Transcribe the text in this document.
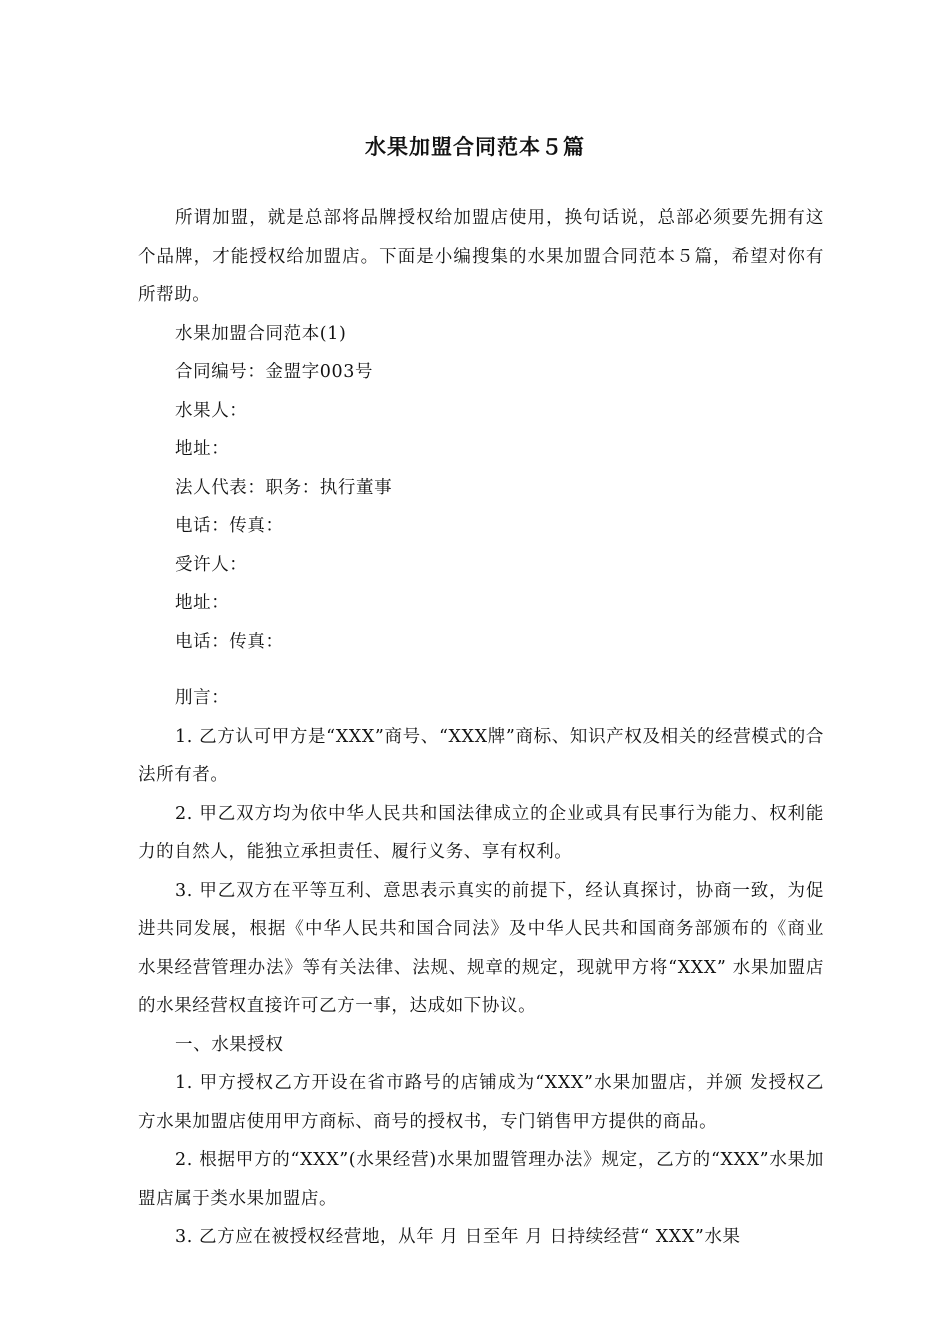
水果加盟合同范本５篇

所谓加盟，就是总部将品牌授权给加盟店使用，换句话说，总部必须要先拥有这个品牌，才能授权给加盟店。下面是小编搜集的水果加盟合同范本５篇，希望对你有所帮助。

水果加盟合同范本(1)

合同编号：金盟字003号

水果人：

地址：

法人代表：职务：执行董事

电话：传真：

受许人：

地址：

电话：传真：

刖言：

1. 乙方认可甲方是“XXX”商号、“XXX牌”商标、知识产权及相关的经营模式的合法所有者。

2. 甲乙双方均为依中华人民共和国法律成立的企业或具有民事行为能力、权利能力的自然人，能独立承担责任、履行义务、享有权利。

3. 甲乙双方在平等互利、意思表示真实的前提下，经认真探讨，协商一致，为促进共同发展，根据《中华人民共和国合同法》及中华人民共和国商务部颁布的《商业水果经营管理办法》等有关法律、法规、规章的规定，现就甲方将“XXX” 水果加盟店的水果经营权直接许可乙方一事，达成如下协议。

一、水果授权

1. 甲方授权乙方开设在省市路号的店铺成为“XXX”水果加盟店，并颁 发授权乙方水果加盟店使用甲方商标、商号的授权书，专门销售甲方提供的商品。

2. 根据甲方的“XXX”(水果经营)水果加盟管理办法》规定，乙方的“XXX”水果加盟店属于类水果加盟店。

3. 乙方应在被授权经营地，从年 月 日至年 月 日持续经营“ XXX”水果
